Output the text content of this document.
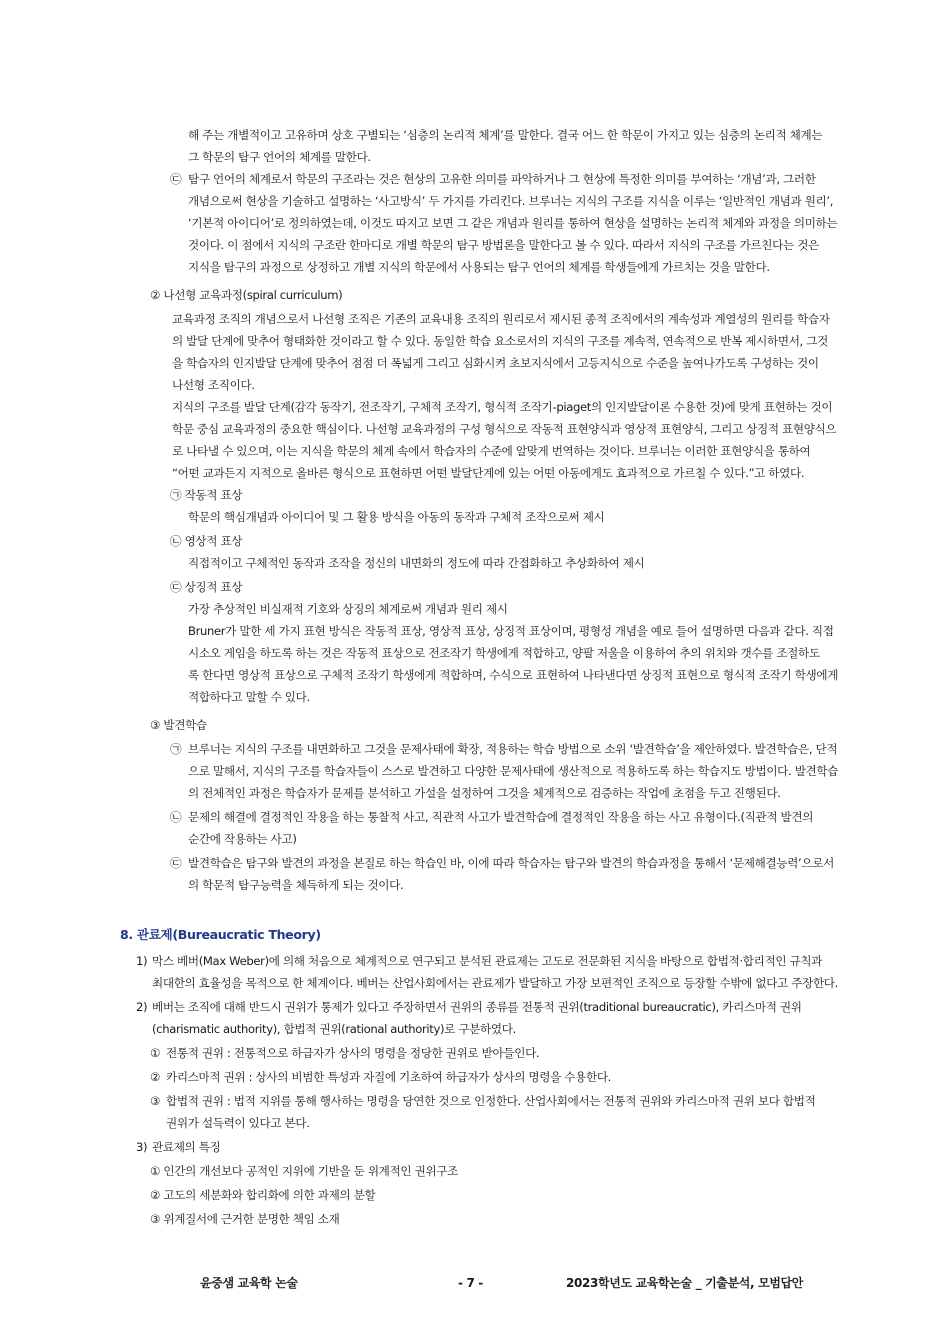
해 주는 개별적이고 고유하며 상호 구별되는 ‘심층의 논리적 체계’를 말한다. 결국 어느 한 학문이 가지고 있는 심층의 논리적 체계는
그 학문의 탐구 언어의 체계를 말한다.
㉢ 탐구 언어의 체계로서 학문의 구조라는 것은 현상의 고유한 의미를 파악하거나 그 현상에 특정한 의미를 부여하는 ‘개념’과, 그러한
개념으로써 현상을 기술하고 설명하는 ‘사고방식’ 두 가지를 가리킨다. 브루너는 지식의 구조를 지식을 이루는 ‘일반적인 개념과 원리’,
‘기본적 아이디어’로 정의하였는데, 이것도 따지고 보면 그 같은 개념과 원리를 통하여 현상을 설명하는 논리적 체계와 과정을 의미하는
것이다. 이 점에서 지식의 구조란 한마디로 개별 학문의 탐구 방법론을 말한다고 볼 수 있다. 따라서 지식의 구조를 가르친다는 것은
지식을 탐구의 과정으로 상정하고 개별 지식의 학문에서 사용되는 탐구 언어의 체계를 학생들에게 가르치는 것을 말한다.
② 나선형 교육과정(spiral curriculum)
교육과정 조직의 개념으로서 나선형 조직은 기존의 교육내용 조직의 원리로서 제시된 종적 조직에서의 계속성과 계열성의 원리를 학습자
의 발달 단계에 맞추어 형태화한 것이라고 할 수 있다. 동일한 학습 요소로서의 지식의 구조를 계속적, 연속적으로 반복 제시하면서, 그것
을 학습자의 인지발달 단계에 맞추어 점점 더 폭넓게 그리고 심화시켜 초보지식에서 고등지식으로 수준을 높여나가도록 구성하는 것이
나선형 조직이다.
지식의 구조를 발달 단계(감각 동작기, 전조작기, 구체적 조작기, 형식적 조작기-piaget의 인지발달이론 수용한 것)에 맞게 표현하는 것이
학문 중심 교육과정의 중요한 핵심이다. 나선형 교육과정의 구성 형식으로 작동적 표현양식과 영상적 표현양식, 그리고 상징적 표현양식으
로 나타낼 수 있으며, 이는 지식을 학문의 체계 속에서 학습자의 수준에 알맞게 번역하는 것이다. 브루너는 이러한 표현양식을 통하여
“어떤 교과든지 지적으로 올바른 형식으로 표현하면 어떤 발달단계에 있는 어떤 아동에게도 효과적으로 가르칠 수 있다.”고 하였다.
㉠ 작동적 표상
학문의 핵심개념과 아이디어 및 그 활용 방식을 아동의 동작과 구체적 조작으로써 제시
㉡ 영상적 표상
직접적이고 구체적인 동작과 조작을 정신의 내면화의 정도에 따라 간접화하고 추상화하여 제시
㉢ 상징적 표상
가장 추상적인 비실재적 기호와 상징의 체계로써 개념과 원리 제시
Bruner가 말한 세 가지 표현 방식은 작동적 표상, 영상적 표상, 상징적 표상이며, 평형성 개념을 예로 들어 설명하면 다음과 같다. 직접
시소오 게임을 하도록 하는 것은 작동적 표상으로 전조작기 학생에게 적합하고, 양팔 저울을 이용하여 추의 위치와 갯수를 조절하도
록 한다면 영상적 표상으로 구체적 조작기 학생에게 적합하며, 수식으로 표현하여 나타낸다면 상징적 표현으로 형식적 조작기 학생에게
적합하다고 말할 수 있다.
③ 발견학습
㉠ 브루너는 지식의 구조를 내면화하고 그것을 문제사태에 확장, 적용하는 학습 방법으로 소위 ‘발견학습’을 제안하였다. 발견학습은, 단적
으로 말해서, 지식의 구조를 학습자들이 스스로 발견하고 다양한 문제사태에 생산적으로 적용하도록 하는 학습지도 방법이다. 발견학습
의 전체적인 과정은 학습자가 문제를 분석하고 가설을 설정하여 그것을 체계적으로 검증하는 작업에 초점을 두고 진행된다.
㉡ 문제의 해결에 결정적인 작용을 하는 통찰적 사고, 직관적 사고가 발견학습에 결정적인 작용을 하는 사고 유형이다.(직관적 발견의
순간에 작용하는 사고)
㉢ 발견학습은 탐구와 발견의 과정을 본질로 하는 학습인 바, 이에 따라 학습자는 탐구와 발견의 학습과정을 통해서 ‘문제해결능력’으로서
의 학문적 탐구능력을 체득하게 되는 것이다.
8. 관료제(Bureaucratic Theory)
1) 막스 베버(Max Weber)에 의해 처음으로 체계적으로 연구되고 분석된 관료제는 고도로 전문화된 지식을 바탕으로 합법적·합리적인 규칙과
최대한의 효율성을 목적으로 한 체계이다. 베버는 산업사회에서는 관료제가 발달하고 가장 보편적인 조직으로 등장할 수밖에 없다고 주장한다.
2) 베버는 조직에 대해 반드시 권위가 통제가 있다고 주장하면서 권위의 종류를 전통적 권위(traditional bureaucratic), 카리스마적 권위
(charismatic authority), 합법적 권위(rational authority)로 구분하였다.
① 전통적 권위 : 전통적으로 하급자가 상사의 명령을 정당한 권위로 받아들인다.
② 카리스마적 권위 : 상사의 비범한 특성과 자질에 기초하여 하급자가 상사의 명령을 수용한다.
③ 합법적 권위 : 법적 지위를 통해 행사하는 명령을 당연한 것으로 인정한다. 산업사회에서는 전통적 권위와 카리스마적 권위 보다 합법적
권위가 설득력이 있다고 본다.
3) 관료제의 특징
① 인간의 개선보다 공적인 지위에 기반을 둔 위계적인 권위구조
② 고도의 세분화와 합리화에 의한 과제의 분할
③ 위계질서에 근거한 분명한 책임 소재
윤중샘 교육학 논술	- 7 -	2023학년도 교육학논술 _ 기출분석, 모범답안
